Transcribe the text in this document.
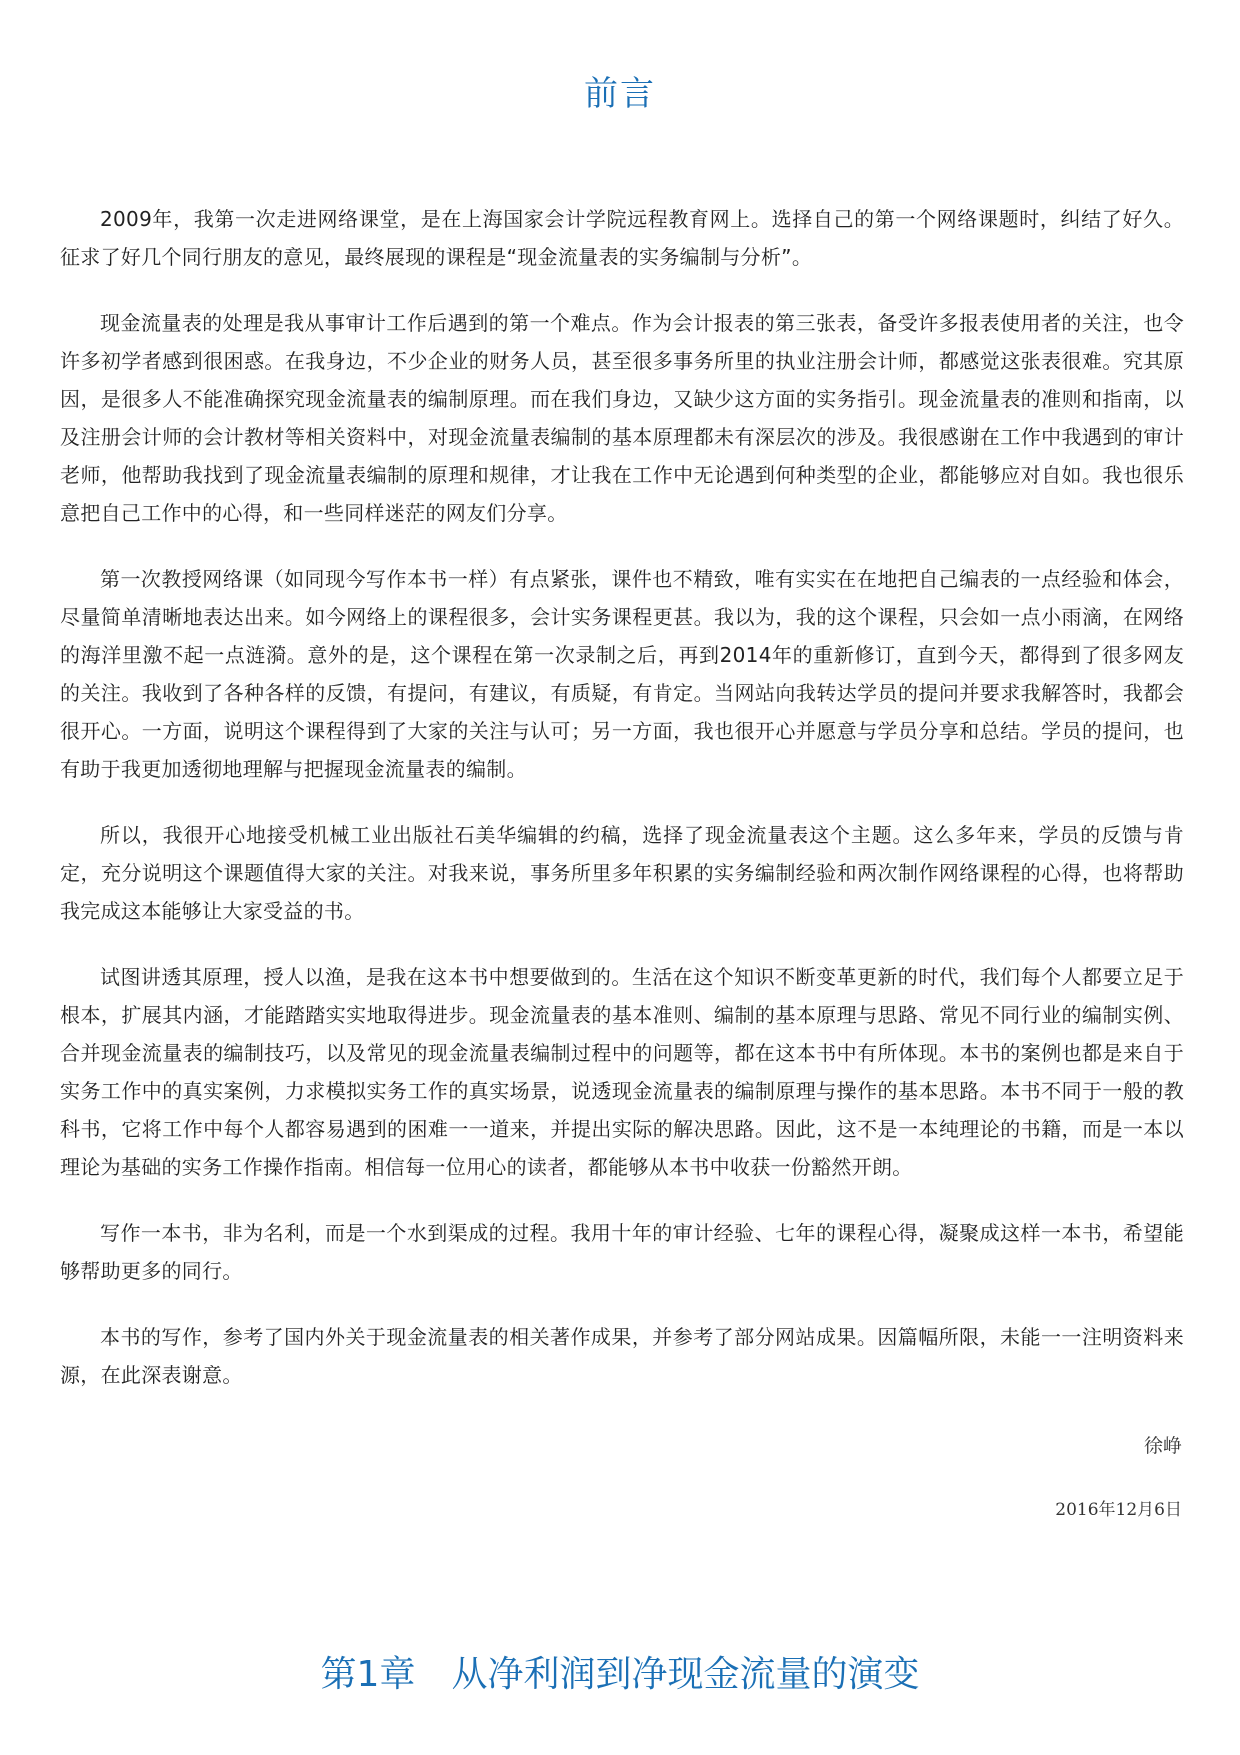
前言

2009年，我第一次走进网络课堂，是在上海国家会计学院远程教育网上。选择自己的第一个网络课题时，纠结了好久。征求了好几个同行朋友的意见，最终展现的课程是“现金流量表的实务编制与分析”。

现金流量表的处理是我从事审计工作后遇到的第一个难点。作为会计报表的第三张表，备受许多报表使用者的关注，也令许多初学者感到很困惑。在我身边，不少企业的财务人员，甚至很多事务所里的执业注册会计师，都感觉这张表很难。究其原因，是很多人不能准确探究现金流量表的编制原理。而在我们身边，又缺少这方面的实务指引。现金流量表的准则和指南，以及注册会计师的会计教材等相关资料中，对现金流量表编制的基本原理都未有深层次的涉及。我很感谢在工作中我遇到的审计老师，他帮助我找到了现金流量表编制的原理和规律，才让我在工作中无论遇到何种类型的企业，都能够应对自如。我也很乐意把自己工作中的心得，和一些同样迷茫的网友们分享。

第一次教授网络课（如同现今写作本书一样）有点紧张，课件也不精致，唯有实实在在地把自己编表的一点经验和体会，尽量简单清晰地表达出来。如今网络上的课程很多，会计实务课程更甚。我以为，我的这个课程，只会如一点小雨滴，在网络的海洋里激不起一点涟漪。意外的是，这个课程在第一次录制之后，再到2014年的重新修订，直到今天，都得到了很多网友的关注。我收到了各种各样的反馈，有提问，有建议，有质疑，有肯定。当网站向我转达学员的提问并要求我解答时，我都会很开心。一方面，说明这个课程得到了大家的关注与认可；另一方面，我也很开心并愿意与学员分享和总结。学员的提问，也有助于我更加透彻地理解与把握现金流量表的编制。

所以，我很开心地接受机械工业出版社石美华编辑的约稿，选择了现金流量表这个主题。这么多年来，学员的反馈与肯定，充分说明这个课题值得大家的关注。对我来说，事务所里多年积累的实务编制经验和两次制作网络课程的心得，也将帮助我完成这本能够让大家受益的书。

试图讲透其原理，授人以渔，是我在这本书中想要做到的。生活在这个知识不断变革更新的时代，我们每个人都要立足于根本，扩展其内涵，才能踏踏实实地取得进步。现金流量表的基本准则、编制的基本原理与思路、常见不同行业的编制实例、合并现金流量表的编制技巧，以及常见的现金流量表编制过程中的问题等，都在这本书中有所体现。本书的案例也都是来自于实务工作中的真实案例，力求模拟实务工作的真实场景，说透现金流量表的编制原理与操作的基本思路。本书不同于一般的教科书，它将工作中每个人都容易遇到的困难一一道来，并提出实际的解决思路。因此，这不是一本纯理论的书籍，而是一本以理论为基础的实务工作操作指南。相信每一位用心的读者，都能够从本书中收获一份豁然开朗。

写作一本书，非为名利，而是一个水到渠成的过程。我用十年的审计经验、七年的课程心得，凝聚成这样一本书，希望能够帮助更多的同行。

本书的写作，参考了国内外关于现金流量表的相关著作成果，并参考了部分网站成果。因篇幅所限，未能一一注明资料来源，在此深表谢意。

徐峥
2016年12月6日
第1章　从净利润到净现金流量的演变
